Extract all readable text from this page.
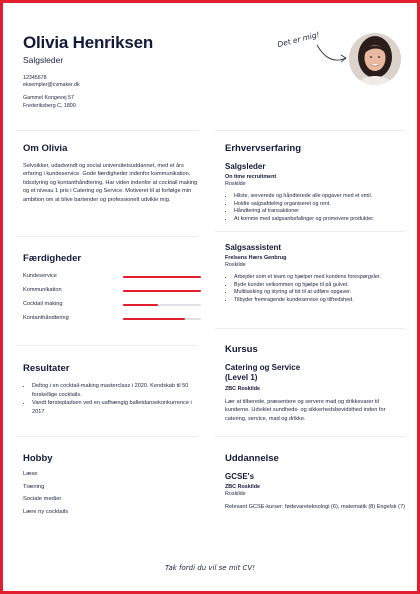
Olivia Henriksen
Salgsleder
12345678
eksempler@cvmaker.dk
Gammel Kongevej 57
Frederiksberg C, 1800
Det er mig!
Om Olivia
Selvsikker, udadvendt og social universitetsuddannet, med et års erfaring i kundeservice. Gode færdigheder indenfor kommunikation, tidsstyring og kontanthåndtering. Har viden indenfor at cocktail making og et niveau 1 pris i Catering og Service. Motiveret til at forfølge min ambition om at blive bartender og professionelt udvikle mig.
Færdigheder
Kundeservice
Kommunikation
Cocktail making
Kontanthåndtering
Resultater
• Deltog i en cocktail-making masterclass i 2020. Kendskab til 50 forskellige cocktails.
• Vandt førstepladsen ved en uafhængig balletdansekonkurrence i 2017
Hobby
Læse
Træning
Sociale medier
Lære ny cocktails
Erhvervserfaring
Salgsleder
On time recruitment
Roskilde
• Hilste, serverede og håndterede alle opgaver med et smil.
• Holdte salgsafdeling organiseret og rent.
• Håndtering af transaktioner
• At komme med salgsanbefalinger og promovere produkter.
Salgsassistent
Frelsens Hærs Genbrug
Roskilde
• Arbejder som et team og hjælper med kundens forespørgsler.
• Byde kunder velkommen og hjælpe til på gulvet.
• Multitasking og styring af tid til at udføre opgaver.
• Tilbyder fremragende kundeservice og tilfredshed.
Kursus
Catering og Service (Level 1)
ZBC Roskilde
Lær at tilberede, præsentere og servere mad og drikkevarer til kunderne. Udviklet sundheds- og sikkerhedsbevidsthed inden for catering, service, mad og drikke.
Uddannelse
GCSE's
ZBC Roskilde
Roskilde
Relevant GCSE-kurser: fødevareteknologi (6), matematik (8) Engelsk (7)
Tak fordi du vil se mit CV!
